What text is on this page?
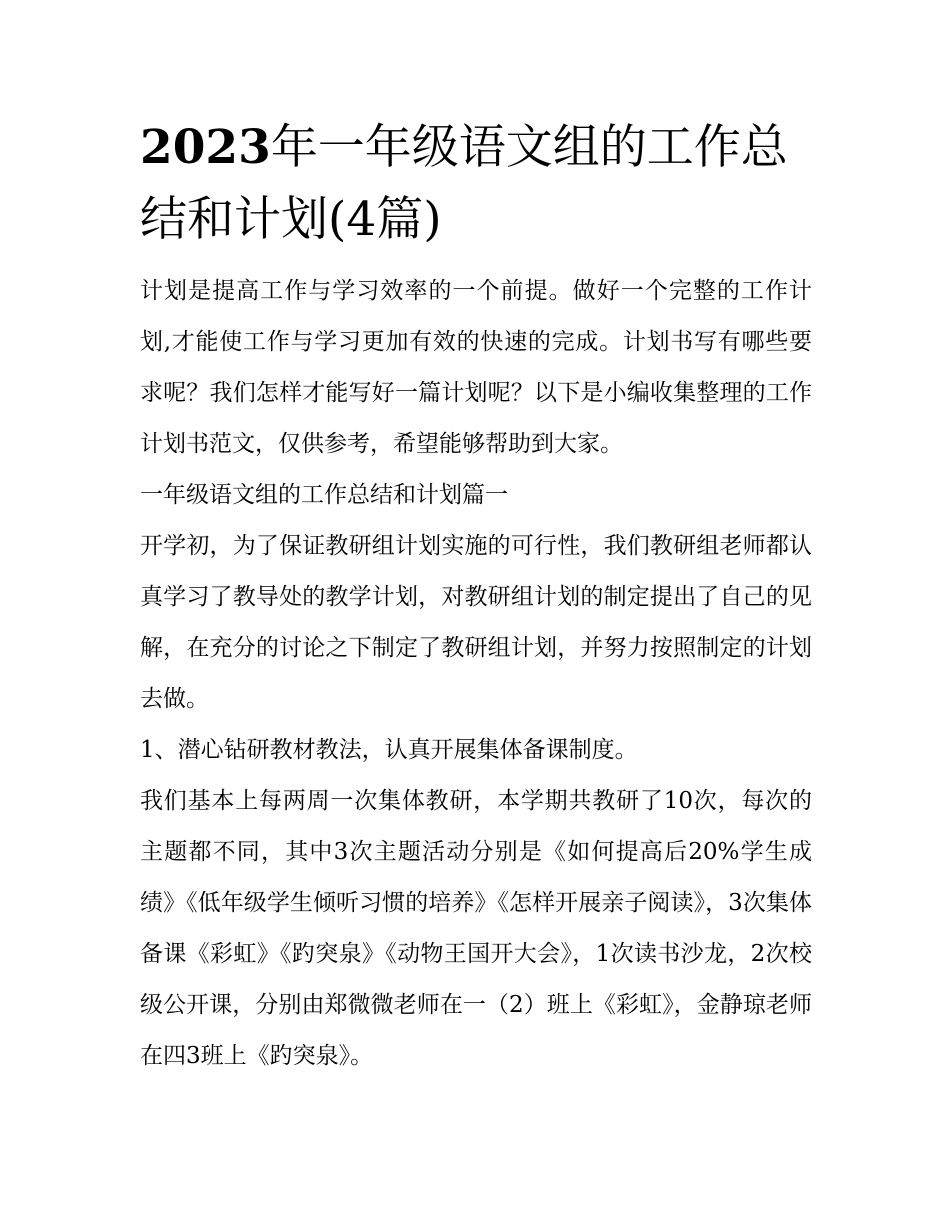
2023年一年级语文组的工作总结和计划(4篇)

计划是提高工作与学习效率的一个前提。做好一个完整的工作计划,才能使工作与学习更加有效的快速的完成。计划书写有哪些要求呢？我们怎样才能写好一篇计划呢？以下是小编收集整理的工作计划书范文，仅供参考，希望能够帮助到大家。

一年级语文组的工作总结和计划篇一

开学初，为了保证教研组计划实施的可行性，我们教研组老师都认真学习了教导处的教学计划，对教研组计划的制定提出了自己的见解，在充分的讨论之下制定了教研组计划，并努力按照制定的计划去做。

1、潜心钻研教材教法，认真开展集体备课制度。

我们基本上每两周一次集体教研，本学期共教研了10次，每次的主题都不同，其中3次主题活动分别是《如何提高后20%学生成绩》《低年级学生倾听习惯的培养》《怎样开展亲子阅读》，3次集体备课《彩虹》《趵突泉》《动物王国开大会》，1次读书沙龙，2次校级公开课，分别由郑微微老师在一（2）班上《彩虹》，金静琼老师在四3班上《趵突泉》。
